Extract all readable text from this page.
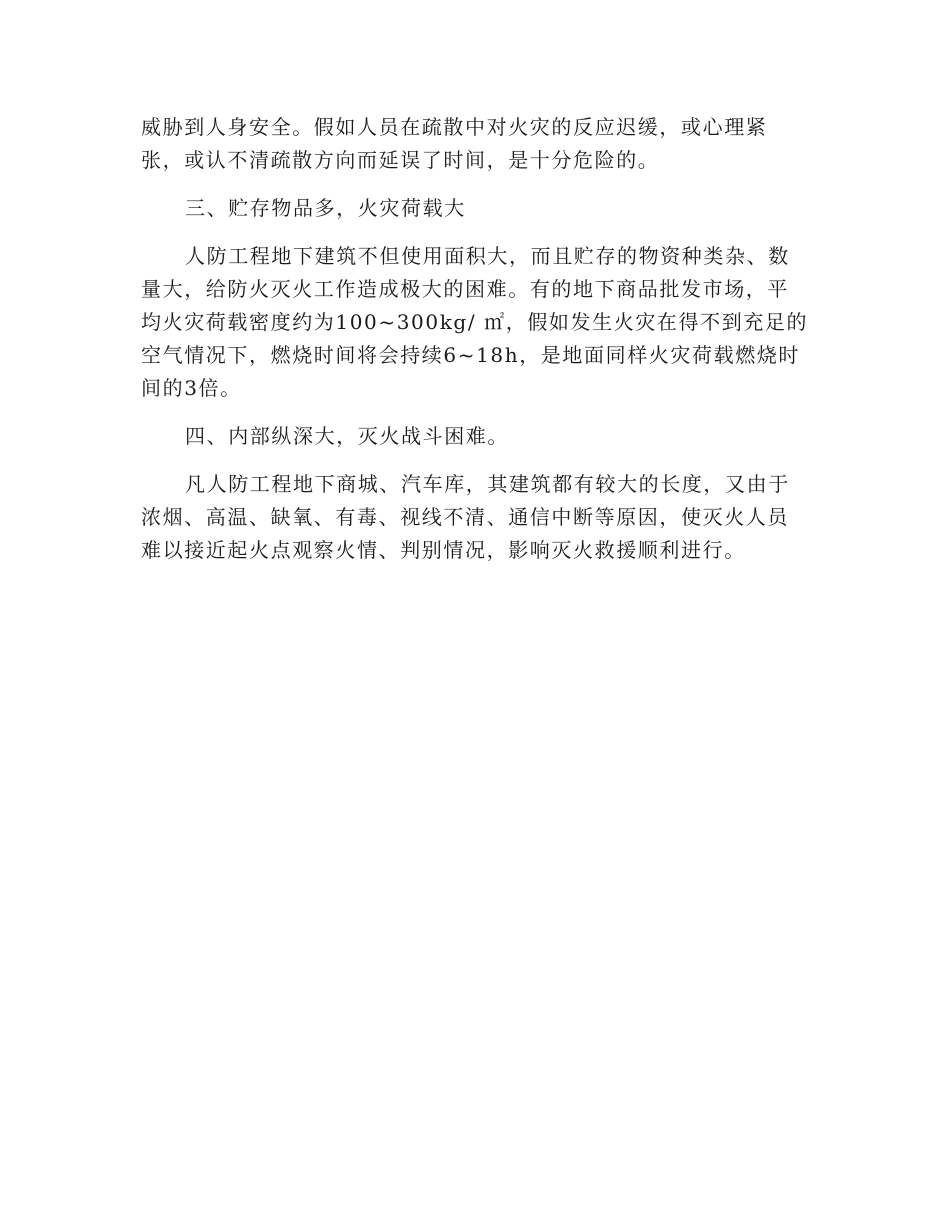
威胁到人身安全。假如人员在疏散中对火灾的反应迟缓，或心理紧张，或认不清疏散方向而延误了时间，是十分危险的。

三、贮存物品多，火灾荷载大

人防工程地下建筑不但使用面积大，而且贮存的物资种类杂、数量大，给防火灭火工作造成极大的困难。有的地下商品批发市场，平均火灾荷载密度约为100~300kg/ ㎡，假如发生火灾在得不到充足的空气情况下，燃烧时间将会持续6~18h，是地面同样火灾荷载燃烧时间的3倍。

四、内部纵深大，灭火战斗困难。

凡人防工程地下商城、汽车库，其建筑都有较大的长度，又由于浓烟、高温、缺氧、有毒、视线不清、通信中断等原因，使灭火人员难以接近起火点观察火情、判别情况，影响灭火救援顺利进行。
